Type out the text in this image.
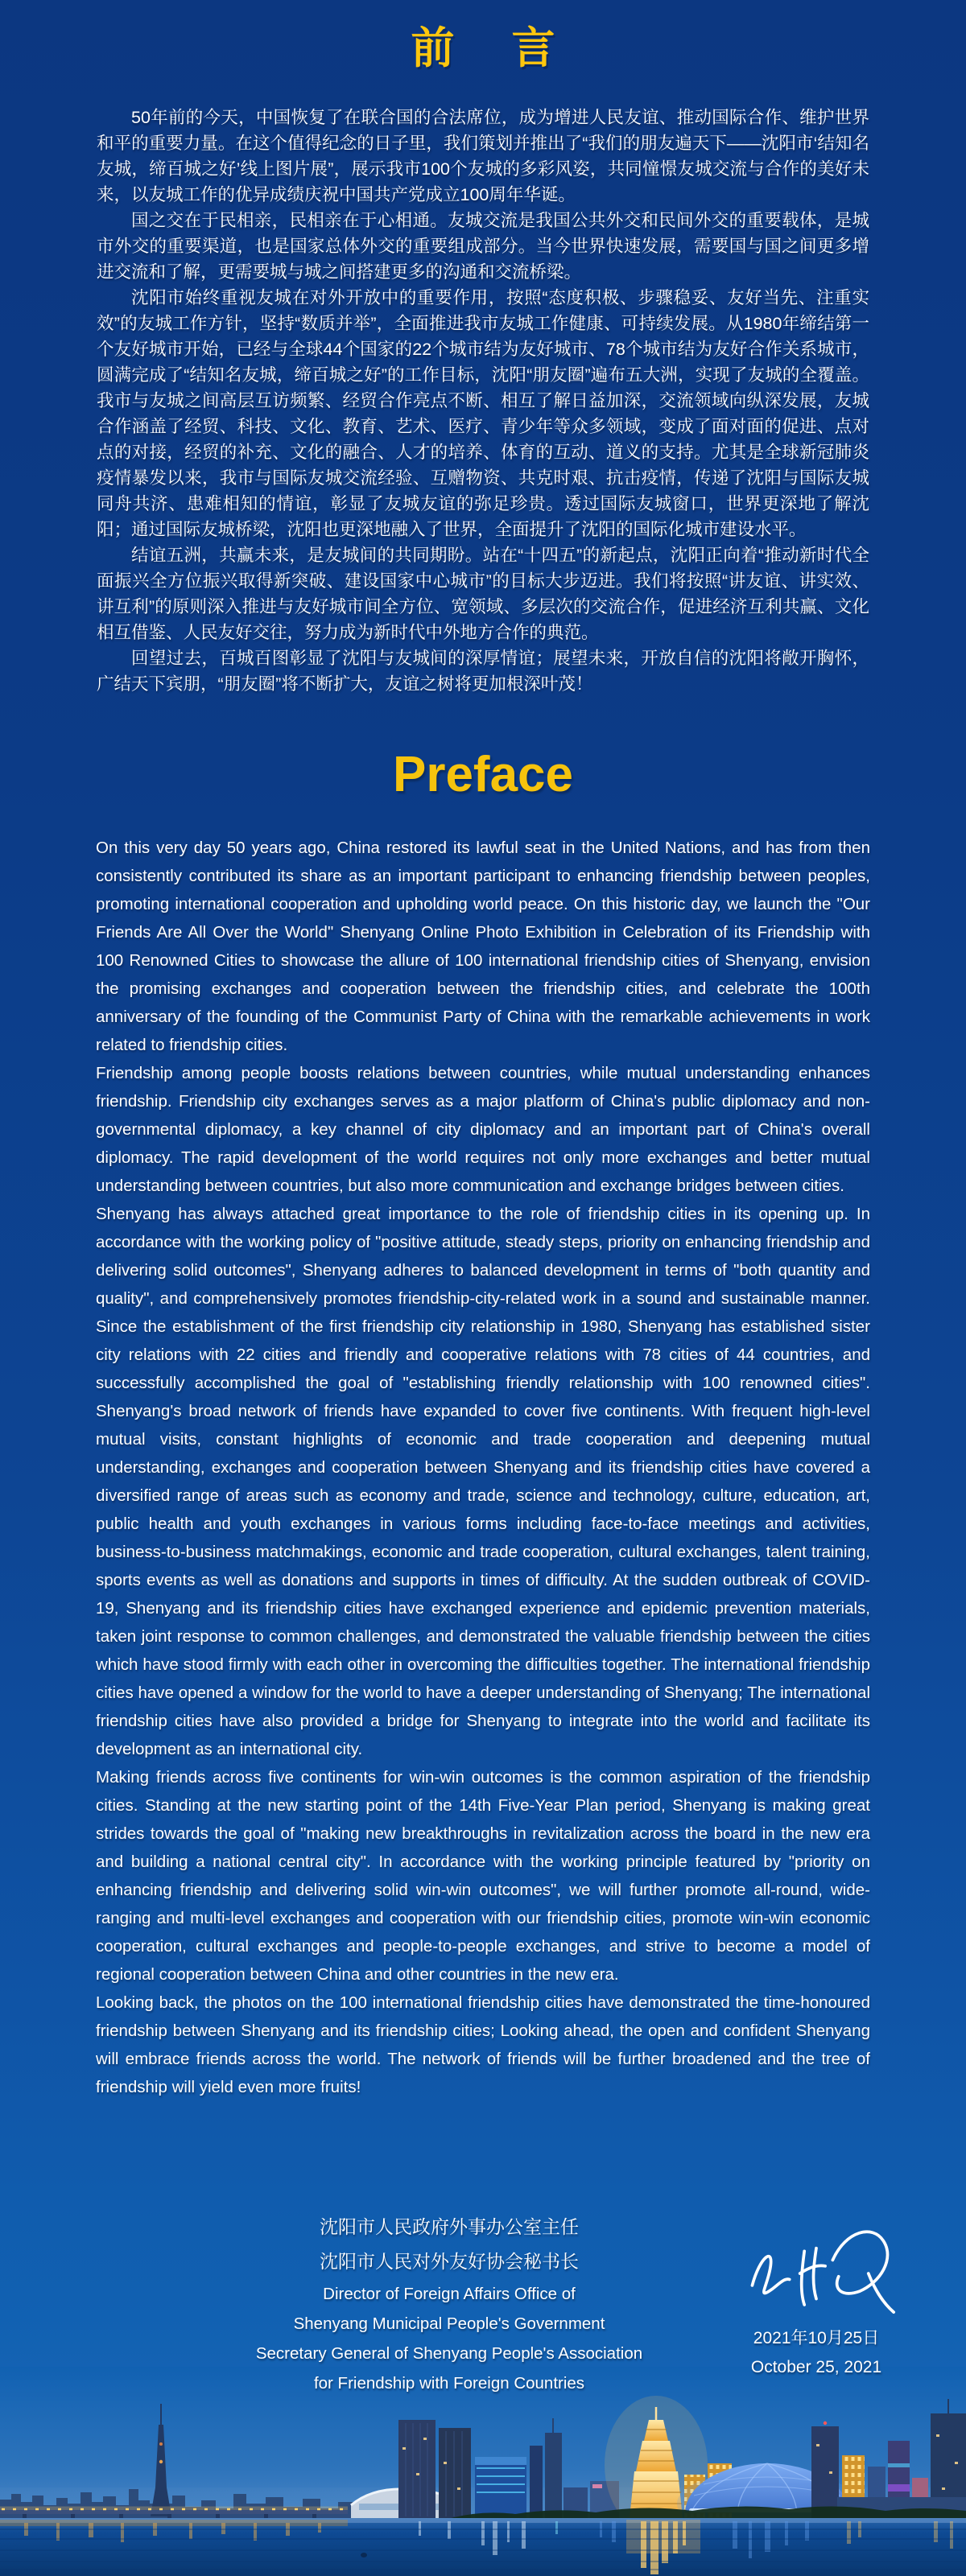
前 言

50年前的今天，中国恢复了在联合国的合法席位，成为增进人民友谊、推动国际合作、维护世界和平的重要力量。在这个值得纪念的日子里，我们策划并推出了“我们的朋友遍天下——沈阳市‘结知名友城，缔百城之好’线上图片展”，展示我市100个友城的多彩风姿，共同憧憬友城交流与合作的美好未来，以友城工作的优异成绩庆祝中国共产党成立100周年华诞。

国之交在于民相亲，民相亲在于心相通。友城交流是我国公共外交和民间外交的重要载体，是城市外交的重要渠道，也是国家总体外交的重要组成部分。当今世界快速发展，需要国与国之间更多增进交流和了解，更需要城与城之间搭建更多的沟通和交流桥梁。

沈阳市始终重视友城在对外开放中的重要作用，按照“态度积极、步骤稳妥、友好当先、注重实效”的友城工作方针，坚持“数质并举”，全面推进我市友城工作健康、可持续发展。从1980年缔结第一个友好城市开始，已经与全球44个国家的22个城市结为友好城市、78个城市结为友好合作关系城市，圆满完成了“结知名友城，缔百城之好”的工作目标，沈阳“朋友圈”遍布五大洲，实现了友城的全覆盖。我市与友城之间高层互访频繁、经贸合作亮点不断、相互了解日益加深，交流领域向纵深发展，友城合作涵盖了经贸、科技、文化、教育、艺术、医疗、青少年等众多领域，变成了面对面的促进、点对点的对接，经贸的补充、文化的融合、人才的培养、体育的互动、道义的支持。尤其是全球新冠肺炎疫情暴发以来，我市与国际友城交流经验、互赠物资、共克时艰、抗击疫情，传递了沈阳与国际友城同舟共济、患难相知的情谊，彰显了友城友谊的弥足珍贵。透过国际友城窗口，世界更深地了解沈阳；通过国际友城桥梁，沈阳也更深地融入了世界，全面提升了沈阳的国际化城市建设水平。

结谊五洲，共赢未来，是友城间的共同期盼。站在“十四五”的新起点，沈阳正向着“推动新时代全面振兴全方位振兴取得新突破、建设国家中心城市”的目标大步迈进。我们将按照“讲友谊、讲实效、讲互利”的原则深入推进与友好城市间全方位、宽领域、多层次的交流合作，促进经济互利共赢、文化相互借鉴、人民友好交往，努力成为新时代中外地方合作的典范。

回望过去，百城百图彰显了沈阳与友城间的深厚情谊；展望未来，开放自信的沈阳将敞开胸怀，广结天下宾朋，“朋友圈”将不断扩大，友谊之树将更加根深叶茂！

Preface

On this very day 50 years ago, China restored its lawful seat in the United Nations, and has from then consistently contributed its share as an important participant to enhancing friendship between peoples, promoting international cooperation and upholding world peace. On this historic day, we launch the "Our Friends Are All Over the World" Shenyang Online Photo Exhibition in Celebration of its Friendship with 100 Renowned Cities to showcase the allure of 100 international friendship cities of Shenyang, envision the promising exchanges and cooperation between the friendship cities, and celebrate the 100th anniversary of the founding of the Communist Party of China with the remarkable achievements in work related to friendship cities.

Friendship among people boosts relations between countries, while mutual understanding enhances friendship. Friendship city exchanges serves as a major platform of China's public diplomacy and non-governmental diplomacy, a key channel of city diplomacy and an important part of China's overall diplomacy. The rapid development of the world requires not only more exchanges and better mutual understanding between countries, but also more communication and exchange bridges between cities.

Shenyang has always attached great importance to the role of friendship cities in its opening up. In accordance with the working policy of "positive attitude, steady steps, priority on enhancing friendship and delivering solid outcomes", Shenyang adheres to balanced development in terms of "both quantity and quality", and comprehensively promotes friendship-city-related work in a sound and sustainable manner. Since the establishment of the first friendship city relationship in 1980, Shenyang has established sister city relations with 22 cities and friendly and cooperative relations with 78 cities of 44 countries, and successfully accomplished the goal of "establishing friendly relationship with 100 renowned cities". Shenyang's broad network of friends have expanded to cover five continents. With frequent high-level mutual visits, constant highlights of economic and trade cooperation and deepening mutual understanding, exchanges and cooperation between Shenyang and its friendship cities have covered a diversified range of areas such as economy and trade, science and technology, culture, education, art, public health and youth exchanges in various forms including face-to-face meetings and activities, business-to-business matchmakings, economic and trade cooperation, cultural exchanges, talent training, sports events as well as donations and supports in times of difficulty. At the sudden outbreak of COVID-19, Shenyang and its friendship cities have exchanged experience and epidemic prevention materials, taken joint response to common challenges, and demonstrated the valuable friendship between the cities which have stood firmly with each other in overcoming the difficulties together. The international friendship cities have opened a window for the world to have a deeper understanding of Shenyang; The international friendship cities have also provided a bridge for Shenyang to integrate into the world and facilitate its development as an international city.

Making friends across five continents for win-win outcomes is the common aspiration of the friendship cities. Standing at the new starting point of the 14th Five-Year Plan period, Shenyang is making great strides towards the goal of "making new breakthroughs in revitalization across the board in the new era and building a national central city". In accordance with the working principle featured by "priority on enhancing friendship and delivering solid win-win outcomes", we will further promote all-round, wide-ranging and multi-level exchanges and cooperation with our friendship cities, promote win-win economic cooperation, cultural exchanges and people-to-people exchanges, and strive to become a model of regional cooperation between China and other countries in the new era.

Looking back, the photos on the 100 international friendship cities have demonstrated the time-honoured friendship between Shenyang and its friendship cities; Looking ahead, the open and confident Shenyang will embrace friends across the world. The network of friends will be further broadened and the tree of friendship will yield even more fruits!

沈阳市人民政府外事办公室主任
沈阳市人民对外友好协会秘书长
Director of Foreign Affairs Office of
Shenyang Municipal People's Government
Secretary General of Shenyang People's Association
for Friendship with Foreign Countries
2021年10月25日
October 25, 2021
